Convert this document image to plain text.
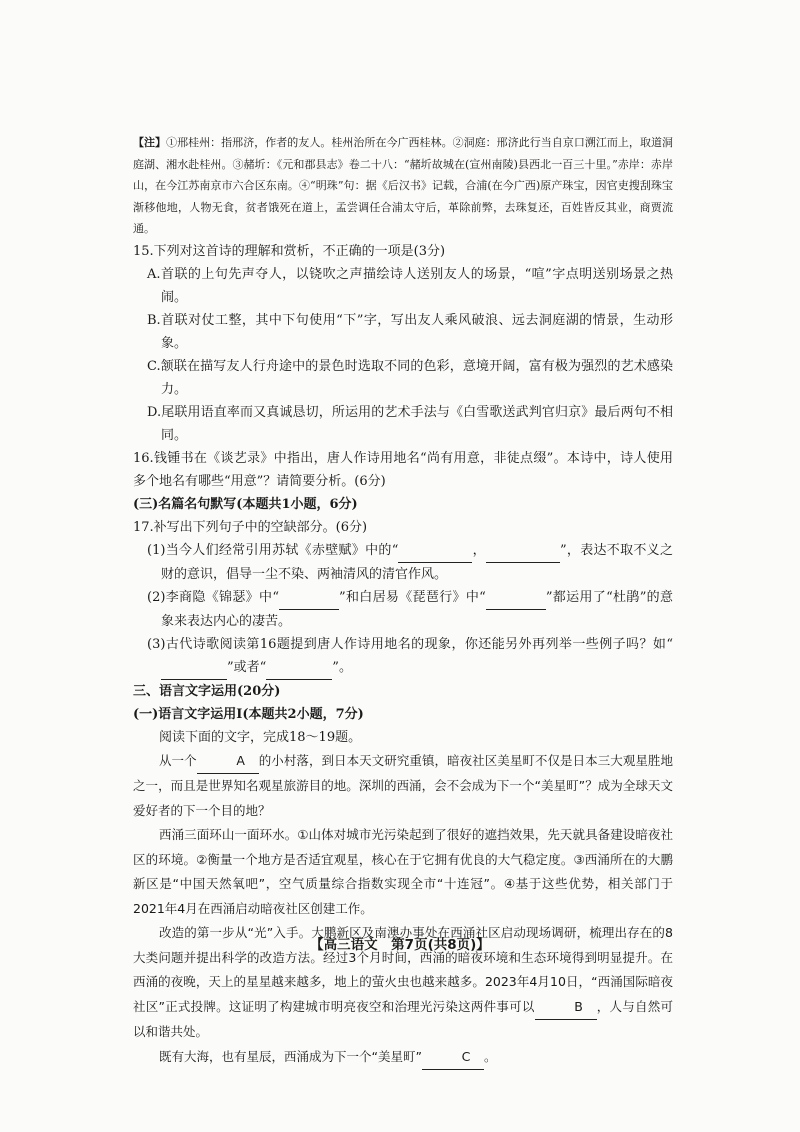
【注】①邢桂州：指邢济，作者的友人。桂州治所在今广西桂林。②洞庭：邢济此行当自京口溯江而上，取道洞庭湖、湘水赴桂州。③赭圻：《元和郡县志》卷二十八：“赭圻故城在(宣州南陵)县西北一百三十里。”赤岸：赤岸山，在今江苏南京市六合区东南。④“明珠”句：据《后汉书》记载，合浦(在今广西)原产珠宝，因官吏搜刮珠宝渐移他地，人物无食，贫者饿死在道上，孟尝调任合浦太守后，革除前弊，去珠复还，百姓皆反其业，商贾流通。

15.下列对这首诗的理解和赏析，不正确的一项是(3分)

A.首联的上句先声夺人，以铙吹之声描绘诗人送别友人的场景，“喧”字点明送别场景之热闹。

B.首联对仗工整，其中下句使用“下”字，写出友人乘风破浪、远去洞庭湖的情景，生动形象。

C.颔联在描写友人行舟途中的景色时选取不同的色彩，意境开阔，富有极为强烈的艺术感染力。

D.尾联用语直率而又真诚恳切，所运用的艺术手法与《白雪歌送武判官归京》最后两句不相同。

16.钱锺书在《谈艺录》中指出，唐人作诗用地名“尚有用意，非徒点缀”。本诗中，诗人使用多个地名有哪些“用意”？请简要分析。(6分)

(三)名篇名句默写(本题共1小题，6分)

17.补写出下列句子中的空缺部分。(6分)

(1)当今人们经常引用苏轼《赤壁赋》中的“	，	”，表达不取不义之财的意识，倡导一尘不染、两袖清风的清官作风。

(2)李商隐《锦瑟》中“	”和白居易《琵琶行》中“	”都运用了“杜鹃”的意象来表达内心的凄苦。

(3)古代诗歌阅读第16题提到唐人作诗用地名的现象，你还能另外再列举一些例子吗？如“ ”或者“	”。

三、语言文字运用(20分)

(一)语言文字运用Ⅰ(本题共2小题，7分)

阅读下面的文字，完成18～19题。

从一个	A 的小村落，到日本天文研究重镇，暗夜社区美星町不仅是日本三大观星胜地之一，而且是世界知名观星旅游目的地。深圳的西涌，会不会成为下一个“美星町”？成为全球天文爱好者的下一个目的地？

西涌三面环山一面环水。①山体对城市光污染起到了很好的遮挡效果，先天就具备建设暗夜社区的环境。②衡量一个地方是否适宜观星，核心在于它拥有优良的大气稳定度。③西涌所在的大鹏新区是“中国天然氧吧”，空气质量综合指数实现全市“十连冠”。④基于这些优势，相关部门于2021年4月在西涌启动暗夜社区创建工作。

改造的第一步从“光”入手。大鹏新区及南澳办事处在西涌社区启动现场调研，梳理出存在的8大类问题并提出科学的改造方法。经过3个月时间，西涌的暗夜环境和生态环境得到明显提升。在西涌的夜晚，天上的星星越来越多，地上的萤火虫也越来越多。2023年4月10日，“西涌国际暗夜社区”正式投牌。这证明了构建城市明亮夜空和治理光污染这两件事可以	B ，人与自然可以和谐共处。

既有大海，也有星辰，西涌成为下一个“美星町”	C 。

【高三语文　第7页(共8页)】
